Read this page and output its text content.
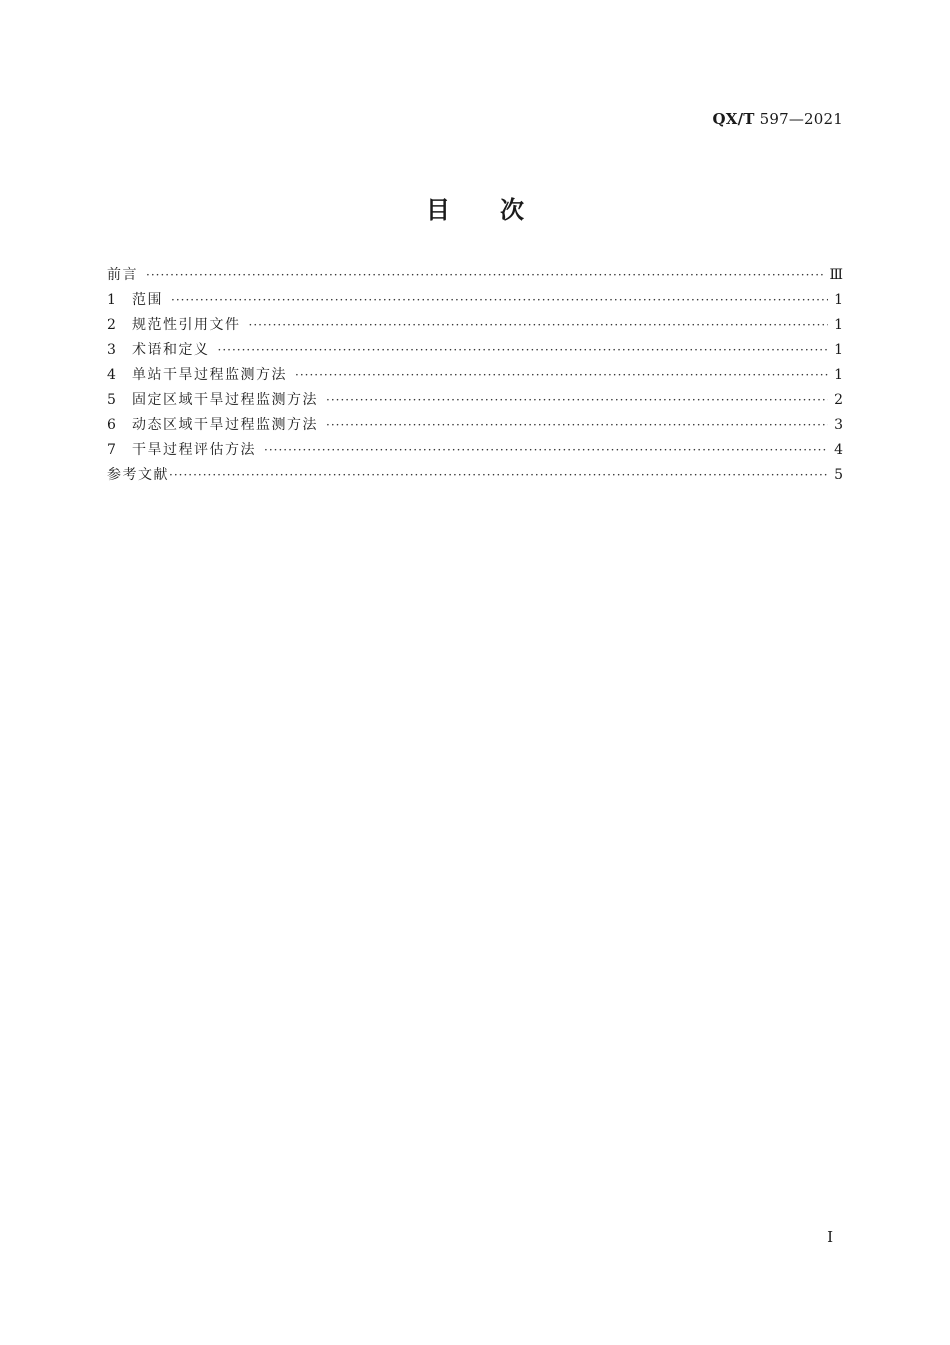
QX/T 597—2021
目次
前言 ·····	Ⅲ
1	范围 ·····	1
2	规范性引用文件 ·····	1
3	术语和定义 ·····	1
4	单站干旱过程监测方法 ·····	1
5	固定区域干旱过程监测方法 ·····	2
6	动态区域干旱过程监测方法 ·····	3
7	干旱过程评估方法 ·····	4
参考文献 ·····	5
Ⅰ
